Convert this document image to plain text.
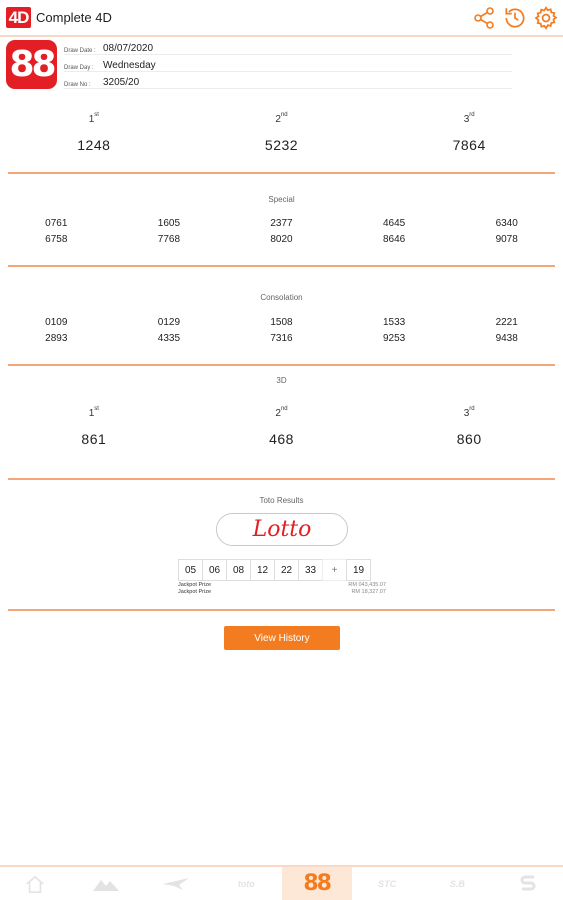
4D Complete 4D
88 Draw Date : 08/07/2020
Draw Day : Wednesday
Draw No :	3205/20
1st
1248
2nd
5232
3rd
7864
Special
0761	1605	2377	4645	6340
6758	7768	8020	8646	9078
Consolation
0109	0129	1508	1533	2221
2893	4335	7316	9253	9438
3D
1st
861
2nd
468
3rd
860
Toto Results
Lotto
05	06	08	12	22	33	+	19
Jackpot Prize	RM 043,435.07
Jackpot Prize	RM 18,327.07
View History
toto	88	STC	S.B
